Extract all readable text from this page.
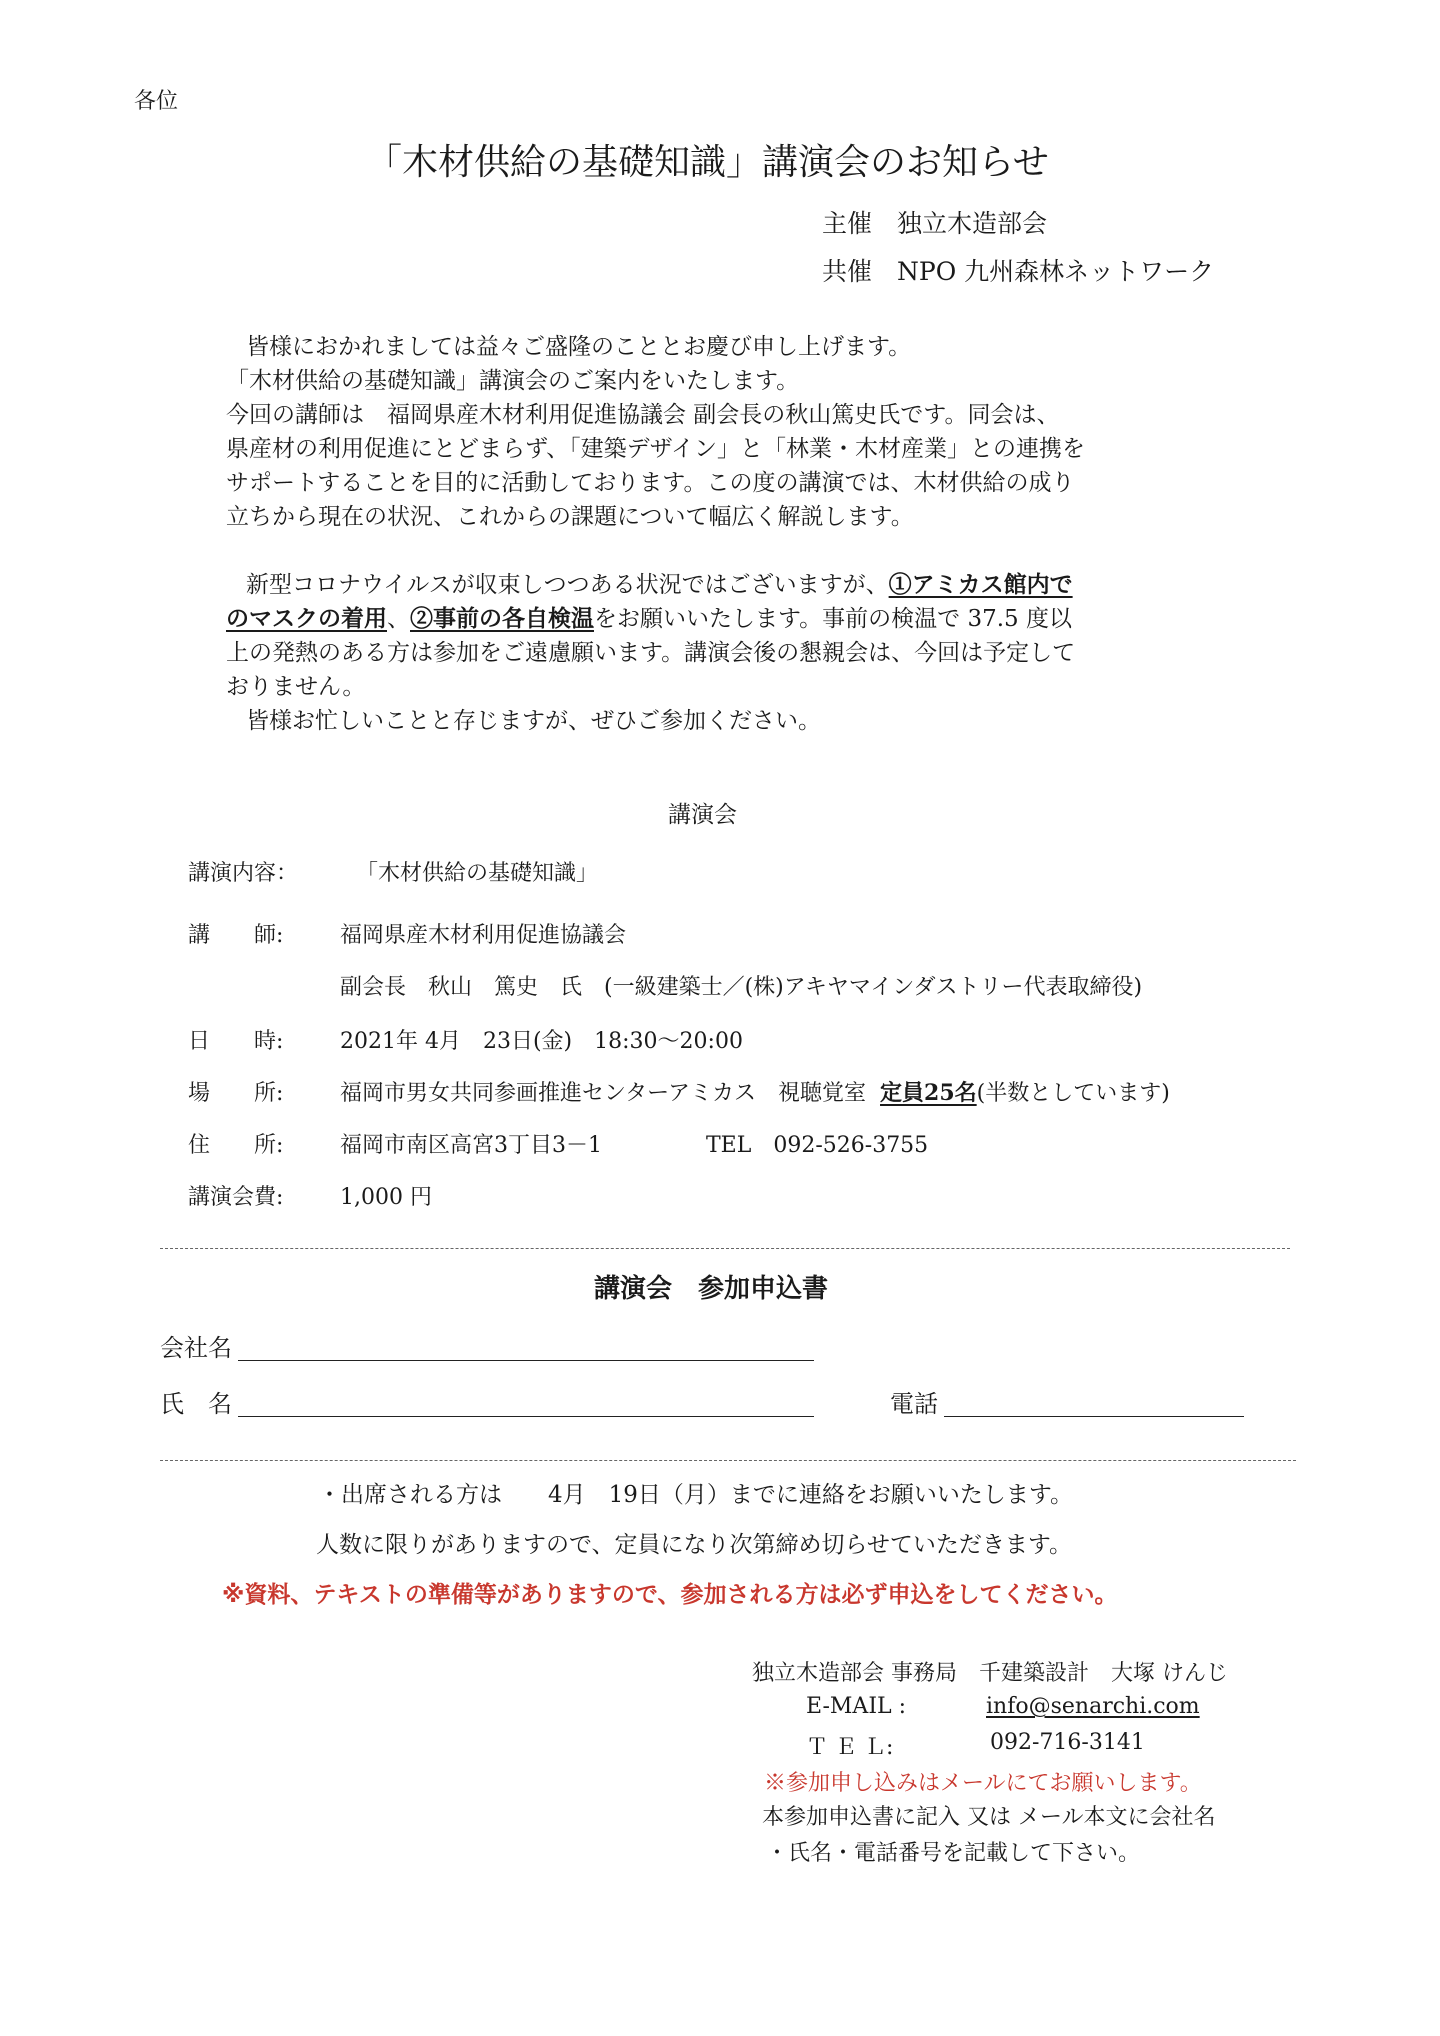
各位
「木材供給の基礎知識」講演会のお知らせ
主催　独立木造部会
共催　NPO 九州森林ネットワーク
皆様におかれましては益々ご盛隆のこととお慶び申し上げます。
「木材供給の基礎知識」講演会のご案内をいたします。
今回の講師は　福岡県産木材利用促進協議会 副会長の秋山篤史氏です。同会は、
県産材の利用促進にとどまらず、「建築デザイン」と「林業・木材産業」との連携を
サポートすることを目的に活動しております。この度の講演では、木材供給の成り
立ちから現在の状況、これからの課題について幅広く解説します。
新型コロナウイルスが収束しつつある状況ではございますが、①アミカス館内で
のマスクの着用、②事前の各自検温をお願いいたします。事前の検温で 37.5 度以
上の発熱のある方は参加をご遠慮願います。講演会後の懇親会は、今回は予定して
おりません。
皆様お忙しいことと存じますが、ぜひご参加ください。
講演会
講演内容：	「木材供給の基礎知識」
講　　師:	福岡県産木材利用促進協議会
副会長　秋山　篤史　氏　(一級建築士／(株)アキヤマインダストリー代表取締役)
日　　時:	2021年 4月　23日(金)　18:30～20:00
場　　所:	福岡市男女共同参画推進センターアミカス　視聴覚室 定員25名(半数としています)
住　　所:	福岡市南区高宮3丁目3－1	TEL　092-526-3755
講演会費:	1,000 円
講演会　参加申込書
会社名
氏　名	電話
・出席される方は　　4月　19日（月）までに連絡をお願いいたします。
人数に限りがありますので、定員になり次第締め切らせていただきます。
※資料、テキストの準備等がありますので、参加される方は必ず申込をしてください。
独立木造部会 事務局　千建築設計　大塚 けんじ
E-MAIL :	info@senarchi.com
Ｔ Ｅ Ｌ:	092-716-3141
※参加申し込みはメールにてお願いします。
本参加申込書に記入 又は メール本文に会社名
・氏名・電話番号を記載して下さい。
